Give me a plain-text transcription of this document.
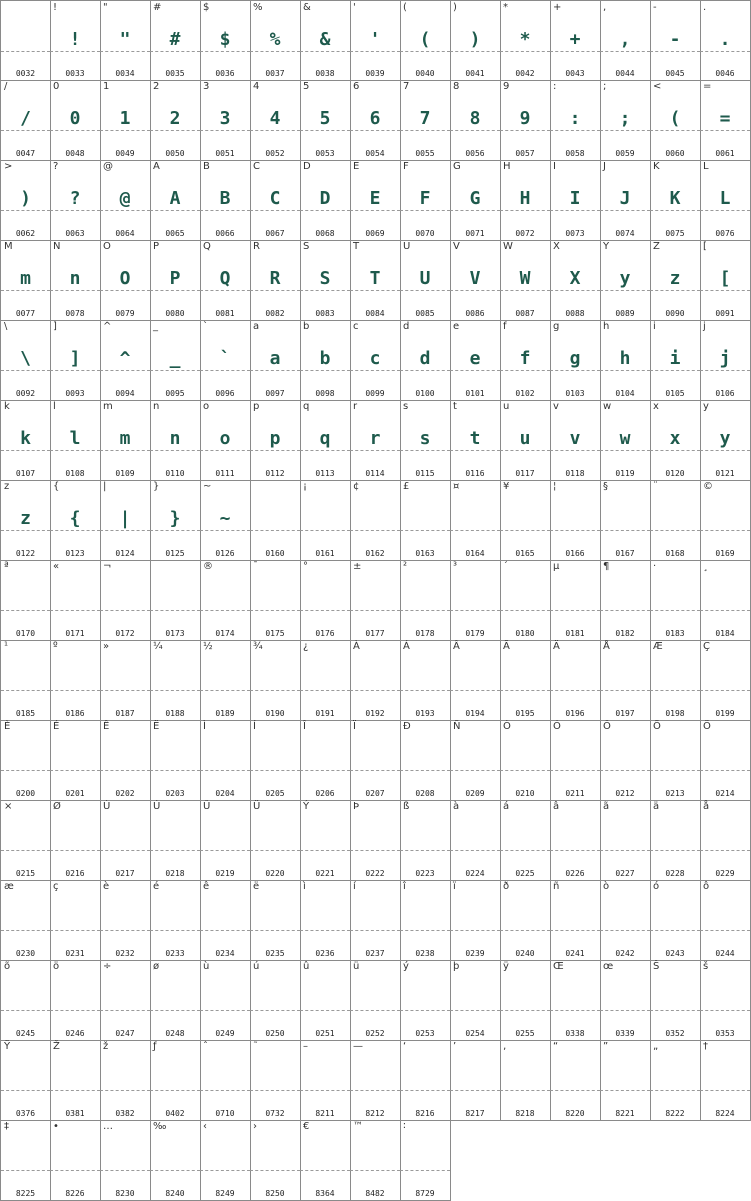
0032
!
!
0033
"
"
0034
#
#
0035
$
$
0036
%
%
0037
&
&
0038
'
'
0039
(
(
0040
)
)
0041
*
*
0042
+
+
0043
,
,
0044
-
-
0045
.
.
0046
/
/
0047
0
0
0048
1
1
0049
2
2
0050
3
3
0051
4
4
0052
5
5
0053
6
6
0054
7
7
0055
8
8
0056
9
9
0057
:
:
0058
;
;
0059
<
(
0060
=
=
0061
>
)
0062
?
?
0063
@
@
0064
A
A
0065
B
B
0066
C
C
0067
D
D
0068
E
E
0069
F
F
0070
G
G
0071
H
H
0072
I
I
0073
J
J
0074
K
K
0075
L
L
0076
M
m
0077
N
n
0078
O
O
0079
P
P
0080
Q
Q
0081
R
R
0082
S
S
0083
T
T
0084
U
U
0085
V
V
0086
W
W
0087
X
X
0088
Y
y
0089
Z
z
0090
[
[
0091
\
\
0092
]
]
0093
^
^
0094
_
_
0095
`
`
0096
a
a
0097
b
b
0098
c
c
0099
d
d
0100
e
e
0101
f
f
0102
g
g
0103
h
h
0104
i
i
0105
j
j
0106
k
k
0107
l
l
0108
m
m
0109
n
n
0110
o
o
0111
p
p
0112
q
q
0113
r
r
0114
s
s
0115
t
t
0116
u
u
0117
v
v
0118
w
w
0119
x
x
0120
y
y
0121
z
z
0122
{
{
0123
|
|
0124
}
}
0125
~
~
0126	0160
¡
0161
¢
0162
£
0163
¤
0164
¥
0165
¦
0166
§
0167
¨
0168
©
0169
ª
0170
«
0171
¬
0172	0173
®
0174
¯
0175
°
0176
±
0177
²
0178
³
0179
´
0180
µ
0181
¶
0182
·
0183
¸
0184
¹
0185
º
0186
»
0187
¼
0188
½
0189
¾
0190
¿
0191
À
0192
Á
0193
Â
0194
Ã
0195
Ä
0196
Å
0197
Æ
0198
Ç
0199
È
0200
É
0201
Ê
0202
Ë
0203
Ì
0204
Í
0205
Î
0206
Ï
0207
Ð
0208
Ñ
0209
Ò
0210
Ó
0211
Ô
0212
Õ
0213
Ö
0214
×
0215
Ø
0216
Ù
0217
Ú
0218
Û
0219
Ü
0220
Ý
0221
Þ
0222
ß
0223
à
0224
á
0225
â
0226
ã
0227
ä
0228
å
0229
æ
0230
ç
0231
è
0232
é
0233
ê
0234
ë
0235
ì
0236
í
0237
î
0238
ï
0239
ð
0240
ñ
0241
ò
0242
ó
0243
ô
0244
õ
0245
ö
0246
÷
0247
ø
0248
ù
0249
ú
0250
û
0251
ü
0252
ý
0253
þ
0254
ÿ
0255
Œ
0338
œ
0339
Š
0352
š
0353
Ÿ
0376
Ž
0381
ž
0382
ƒ
0402
ˆ
0710
˜
0732
–
8211
—
8212
‘
8216
’
8217
‚
8218
“
8220
”
8221
„
8222
†
8224
‡
8225
•
8226
…
8230
‰
8240
‹
8249
›
8250
€
8364
™
8482
∶
8729
